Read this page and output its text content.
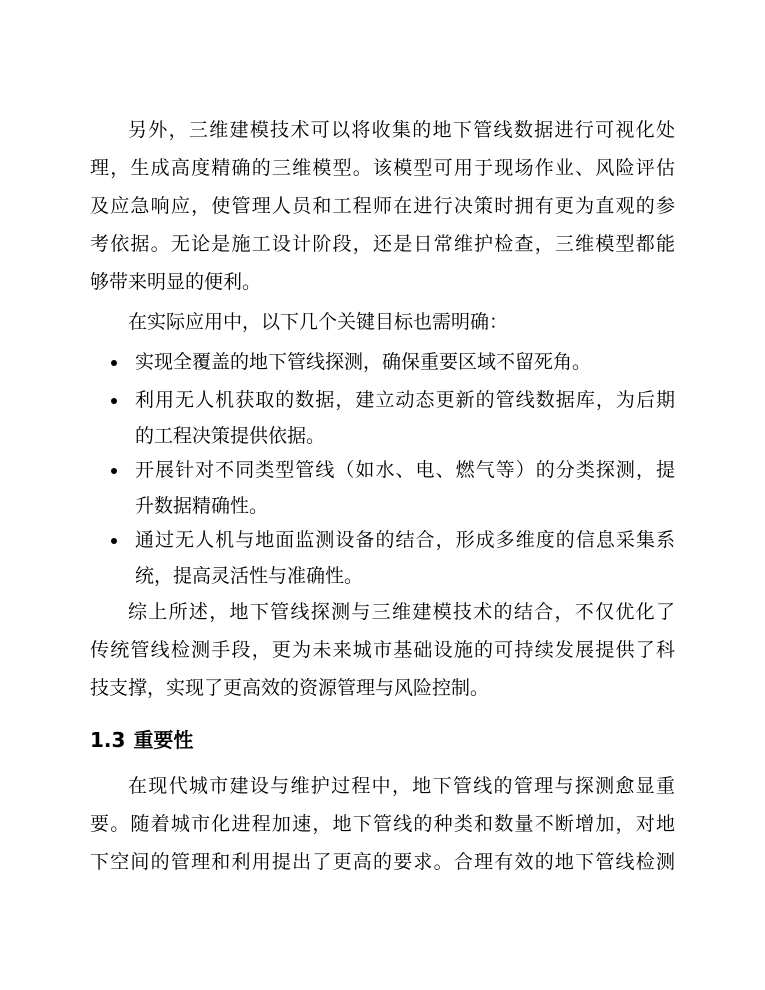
另外，三维建模技术可以将收集的地下管线数据进行可视化处
理，生成高度精确的三维模型。该模型可用于现场作业、风险评估
及应急响应，使管理人员和工程师在进行决策时拥有更为直观的参
考依据。无论是施工设计阶段，还是日常维护检查，三维模型都能
够带来明显的便利。
在实际应用中，以下几个关键目标也需明确：
实现全覆盖的地下管线探测，确保重要区域不留死角。
利用无人机获取的数据，建立动态更新的管线数据库，为后期
的工程决策提供依据。
开展针对不同类型管线（如水、电、燃气等）的分类探测，提
升数据精确性。
通过无人机与地面监测设备的结合，形成多维度的信息采集系
统，提高灵活性与准确性。
综上所述，地下管线探测与三维建模技术的结合，不仅优化了
传统管线检测手段，更为未来城市基础设施的可持续发展提供了科
技支撑，实现了更高效的资源管理与风险控制。
1.3 重要性
在现代城市建设与维护过程中，地下管线的管理与探测愈显重
要。随着城市化进程加速，地下管线的种类和数量不断增加，对地
下空间的管理和利用提出了更高的要求。合理有效的地下管线检测
